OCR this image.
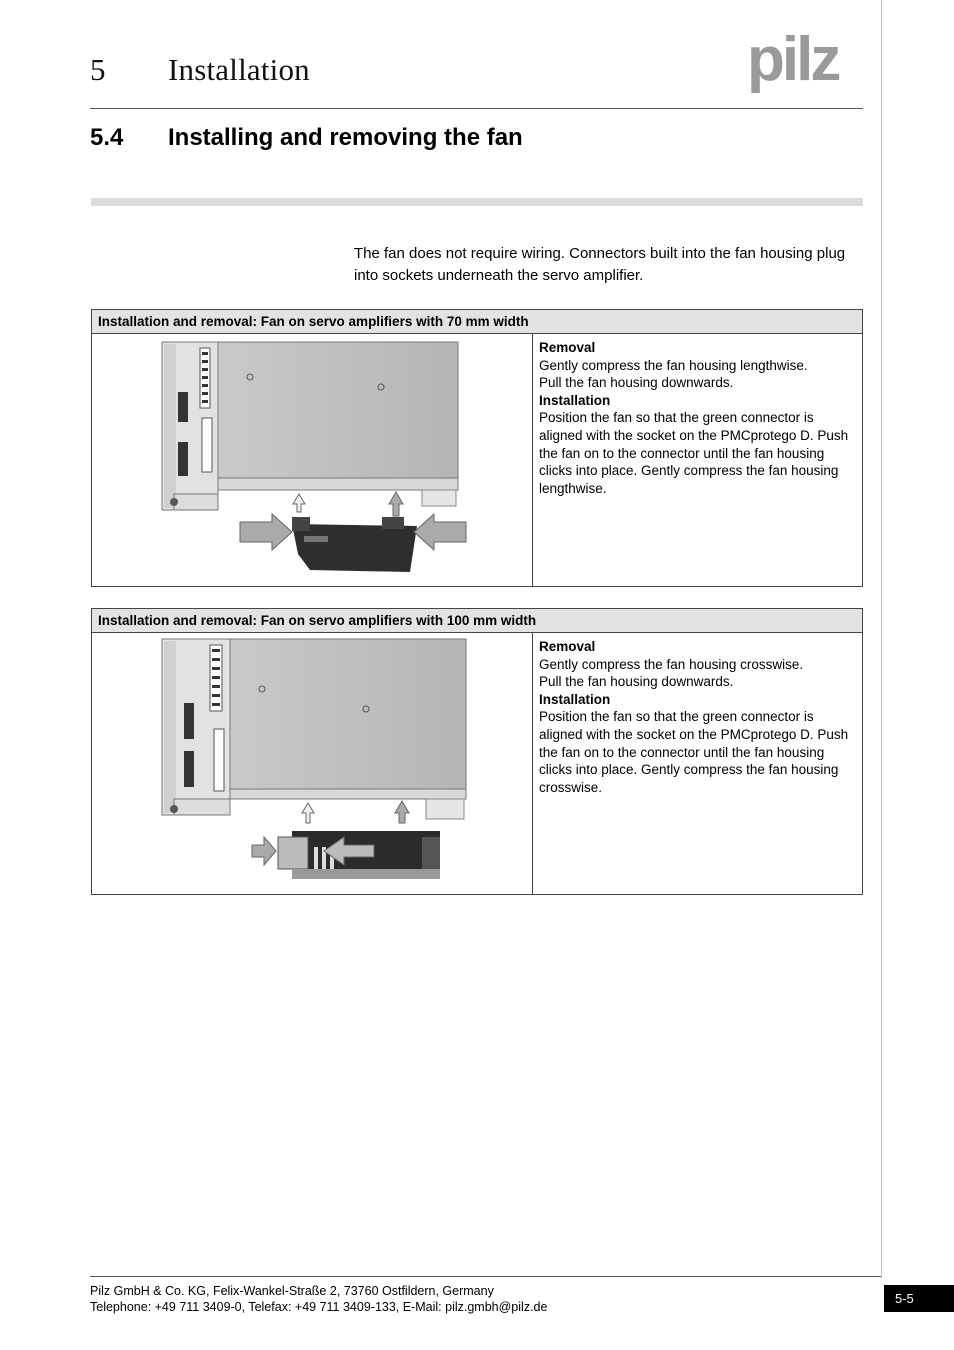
5	Installation	pilz
5.4	Installing and removing the fan
The fan does not require wiring. Connectors built into the fan housing plug into sockets underneath the servo amplifier.
Installation and removal: Fan on servo amplifiers with 70 mm width
Removal
Gently compress the fan housing lengthwise.
Pull the fan housing downwards.
Installation
Position the fan so that the green connector is aligned with the socket on the PMCprotego D. Push the fan on to the connector until the fan housing clicks into place. Gently compress the fan housing lengthwise.
Installation and removal: Fan on servo amplifiers with 100 mm width
Removal
Gently compress the fan housing crosswise.
Pull the fan housing downwards.
Installation
Position the fan so that the green connector is aligned with the socket on the PMCprotego D. Push the fan on to the connector until the fan housing clicks into place. Gently compress the fan housing crosswise.
Pilz GmbH & Co. KG, Felix-Wankel-Straße 2, 73760 Ostfildern, Germany
Telephone: +49 711 3409-0, Telefax: +49 711 3409-133, E-Mail: pilz.gmbh@pilz.de
5-5
